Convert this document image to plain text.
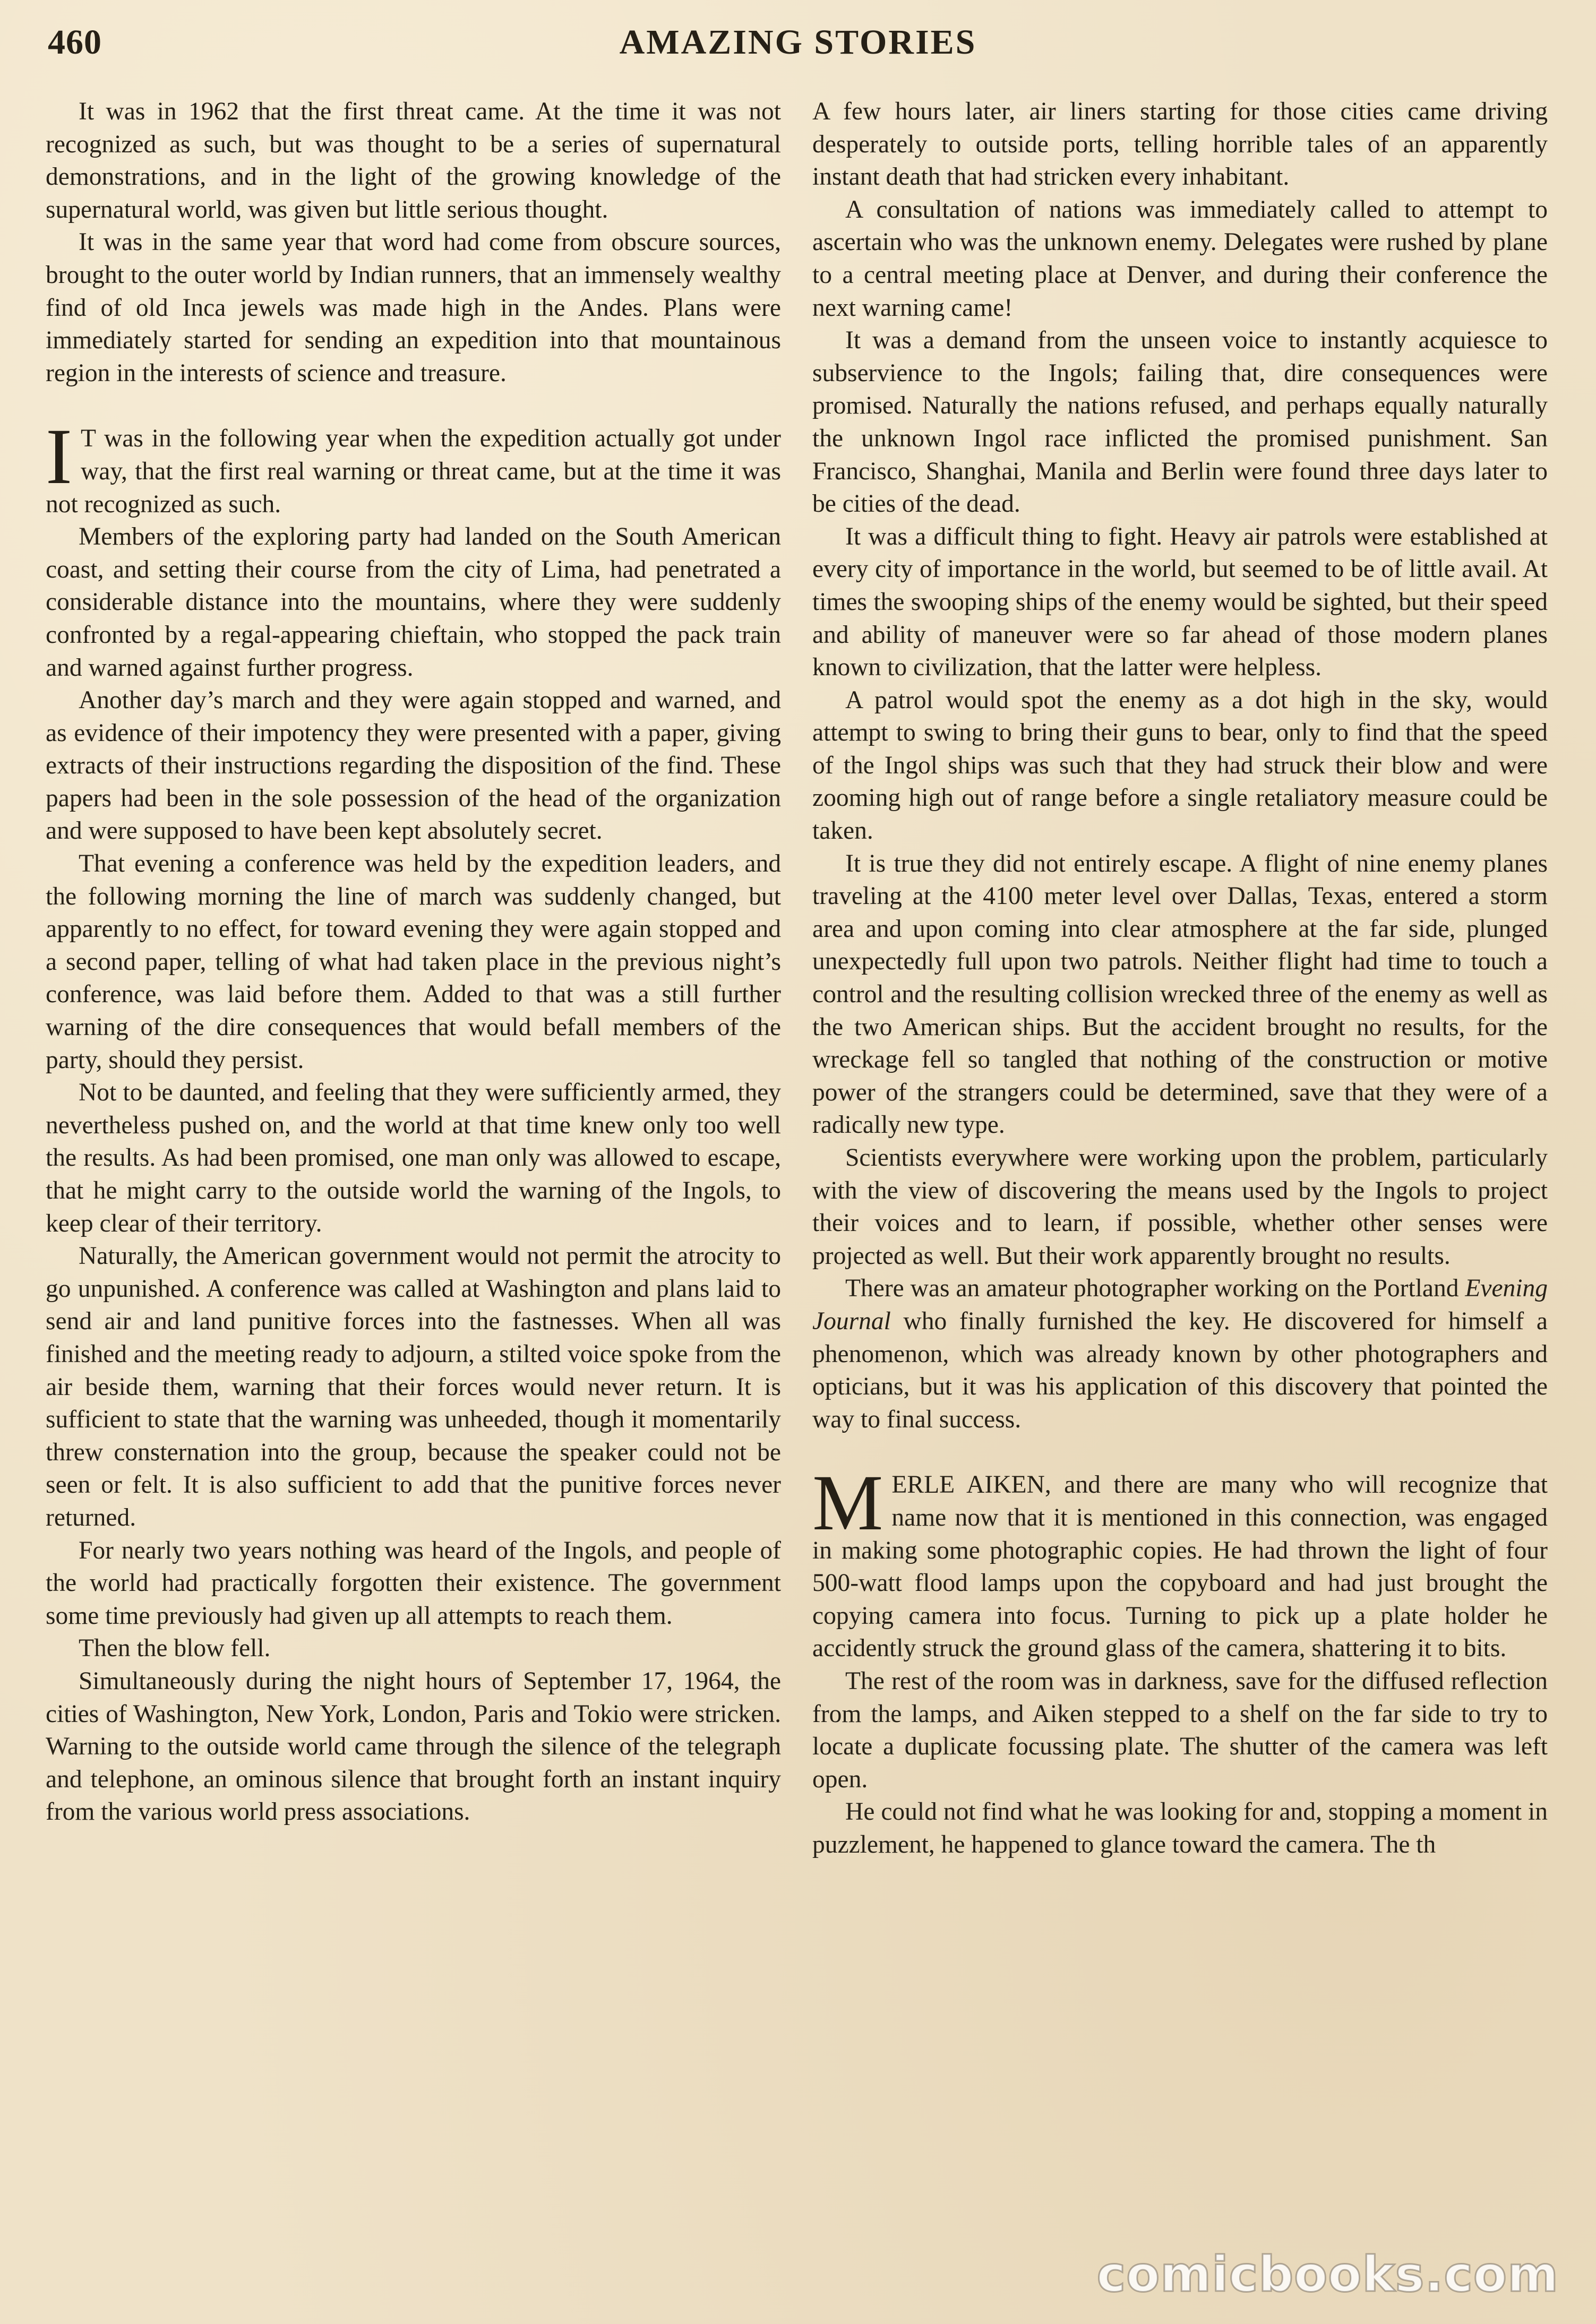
460	AMAZING STORIES

It was in 1962 that the first threat came. At the time it was not recognized as such, but was thought to be a series of supernatural demonstrations, and in the light of the growing knowledge of the supernatural world, was given but little serious thought.

It was in the same year that word had come from obscure sources, brought to the outer world by Indian runners, that an immensely wealthy find of old Inca jewels was made high in the Andes. Plans were immediately started for sending an expedition into that mountainous region in the interests of science and treasure.

I T was in the following year when the expedition actually got under way, that the first real warning or threat came, but at the time it was not recognized as such.

Members of the exploring party had landed on the South American coast, and setting their course from the city of Lima, had penetrated a considerable distance into the mountains, where they were suddenly confronted by a regal-appearing chieftain, who stopped the pack train and warned against further progress.

Another day’s march and they were again stopped and warned, and as evidence of their impotency they were presented with a paper, giving extracts of their instructions regarding the disposition of the find. These papers had been in the sole possession of the head of the organization and were supposed to have been kept absolutely secret.

That evening a conference was held by the expedition leaders, and the following morning the line of march was suddenly changed, but apparently to no effect, for toward evening they were again stopped and a second paper, telling of what had taken place in the previous night’s conference, was laid before them. Added to that was a still further warning of the dire consequences that would befall members of the party, should they persist.

Not to be daunted, and feeling that they were sufficiently armed, they nevertheless pushed on, and the world at that time knew only too well the results. As had been promised, one man only was allowed to escape, that he might carry to the outside world the warning of the Ingols, to keep clear of their territory.

Naturally, the American government would not permit the atrocity to go unpunished. A conference was called at Washington and plans laid to send air and land punitive forces into the fastnesses. When all was finished and the meeting ready to adjourn, a stilted voice spoke from the air beside them, warning that their forces would never return. It is sufficient to state that the warning was unheeded, though it momentarily threw consternation into the group, because the speaker could not be seen or felt. It is also sufficient to add that the punitive forces never returned.

For nearly two years nothing was heard of the Ingols, and people of the world had practically forgotten their existence. The government some time previously had given up all attempts to reach them.

Then the blow fell.

Simultaneously during the night hours of September 17, 1964, the cities of Washington, New York, London, Paris and Tokio were stricken. Warning to the outside world came through the silence of the telegraph and telephone, an ominous silence that brought forth an instant inquiry from the various world press associations.

A few hours later, air liners starting for those cities came driving desperately to outside ports, telling horrible tales of an apparently instant death that had stricken every inhabitant.

A consultation of nations was immediately called to attempt to ascertain who was the unknown enemy. Delegates were rushed by plane to a central meeting place at Denver, and during their conference the next warning came!

It was a demand from the unseen voice to instantly acquiesce to subservience to the Ingols; failing that, dire consequences were promised. Naturally the nations refused, and perhaps equally naturally the unknown Ingol race inflicted the promised punishment. San Francisco, Shanghai, Manila and Berlin were found three days later to be cities of the dead.

It was a difficult thing to fight. Heavy air patrols were established at every city of importance in the world, but seemed to be of little avail. At times the swooping ships of the enemy would be sighted, but their speed and ability of maneuver were so far ahead of those modern planes known to civilization, that the latter were helpless.

A patrol would spot the enemy as a dot high in the sky, would attempt to swing to bring their guns to bear, only to find that the speed of the Ingol ships was such that they had struck their blow and were zooming high out of range before a single retaliatory measure could be taken.

It is true they did not entirely escape. A flight of nine enemy planes traveling at the 4100 meter level over Dallas, Texas, entered a storm area and upon coming into clear atmosphere at the far side, plunged unexpectedly full upon two patrols. Neither flight had time to touch a control and the resulting collision wrecked three of the enemy as well as the two American ships. But the accident brought no results, for the wreckage fell so tangled that nothing of the construction or motive power of the strangers could be determined, save that they were of a radically new type.

Scientists everywhere were working upon the problem, particularly with the view of discovering the means used by the Ingols to project their voices and to learn, if possible, whether other senses were projected as well. But their work apparently brought no results.

There was an amateur photographer working on the Portland Evening Journal who finally furnished the key. He discovered for himself a phenomenon, which was already known by other photographers and opticians, but it was his application of this discovery that pointed the way to final success.

MERLE AIKEN, and there are many who will recognize that name now that it is mentioned in this connection, was engaged in making some photographic copies. He had thrown the light of four 500-watt flood lamps upon the copyboard and had just brought the copying camera into focus. Turning to pick up a plate holder he accidently struck the ground glass of the camera, shattering it to bits.

The rest of the room was in darkness, save for the diffused reflection from the lamps, and Aiken stepped to a shelf on the far side to try to locate a duplicate focussing plate. The shutter of the camera was left open.

He could not find what he was looking for and, stopping a moment in puzzlement, he happened to glance toward the camera. The th

comicbooks.com
